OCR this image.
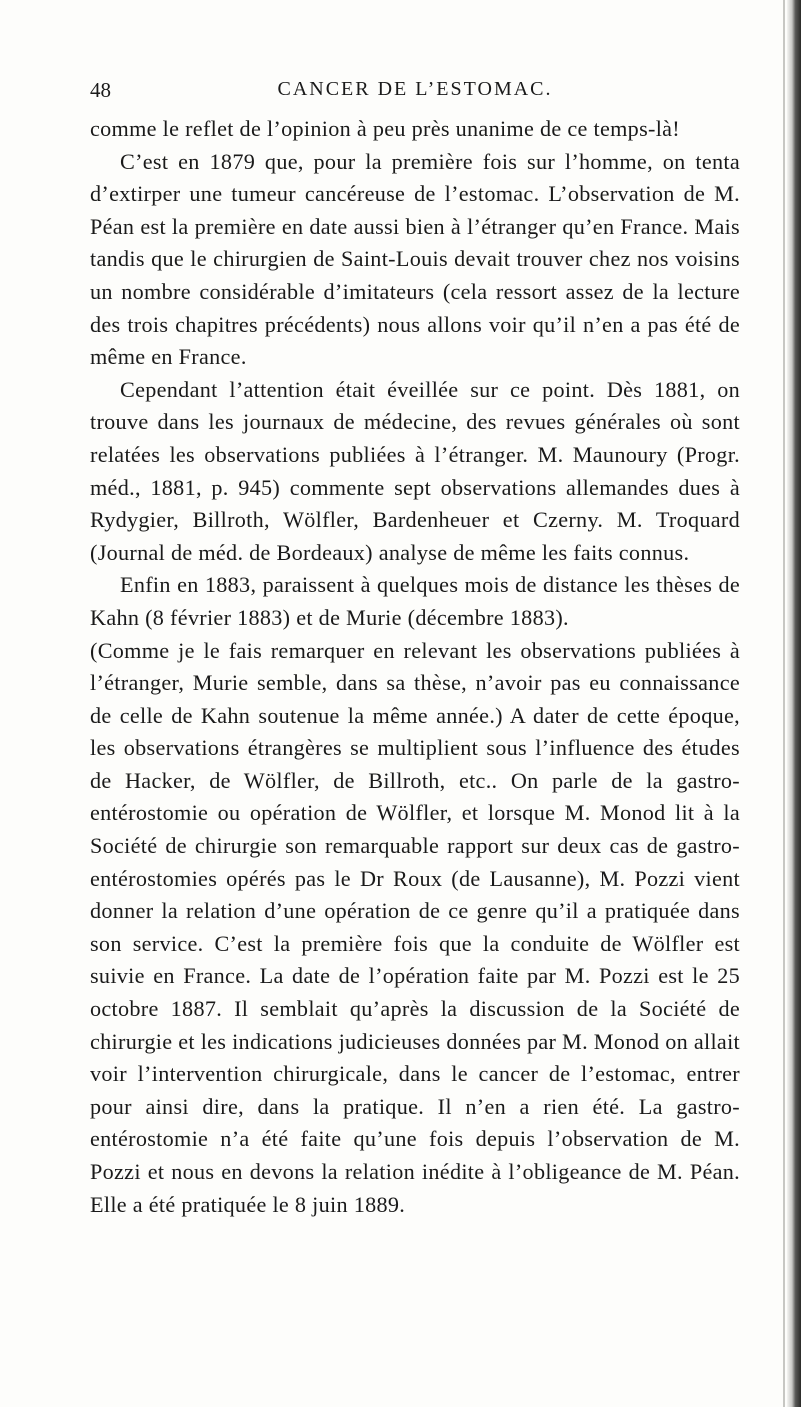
48	CANCER DE L’ESTOMAC.

comme le reflet de l’opinion à peu près unanime de ce temps-là!

C’est en 1879 que, pour la première fois sur l’homme, on tenta d’extirper une tumeur cancéreuse de l’estomac. L’observation de M. Péan est la première en date aussi bien à l’étranger qu’en France. Mais tandis que le chirurgien de Saint-Louis devait trouver chez nos voisins un nombre considérable d’imitateurs (cela ressort assez de la lecture des trois chapitres précédents) nous allons voir qu’il n’en a pas été de même en France.

Cependant l’attention était éveillée sur ce point. Dès 1881, on trouve dans les journaux de médecine, des revues générales où sont relatées les observations publiées à l’étranger. M. Maunoury (Progr. méd., 1881, p. 945) commente sept observations allemandes dues à Rydygier, Billroth, Wölfler, Bardenheuer et Czerny. M. Troquard (Journal de méd. de Bordeaux) analyse de même les faits connus.

Enfin en 1883, paraissent à quelques mois de distance les thèses de Kahn (8 février 1883) et de Murie (décembre 1883).

(Comme je le fais remarquer en relevant les observations publiées à l’étranger, Murie semble, dans sa thèse, n’avoir pas eu connaissance de celle de Kahn soutenue la même année.) A dater de cette époque, les observations étrangères se multiplient sous l’influence des études de Hacker, de Wölfler, de Billroth, etc.. On parle de la gastro-entérostomie ou opération de Wölfler, et lorsque M. Monod lit à la Société de chirurgie son remarquable rapport sur deux cas de gastro-entérostomies opérés pas le Dr Roux (de Lausanne), M. Pozzi vient donner la relation d’une opération de ce genre qu’il a pratiquée dans son service. C’est la première fois que la conduite de Wölfler est suivie en France. La date de l’opération faite par M. Pozzi est le 25 octobre 1887. Il semblait qu’après la discussion de la Société de chirurgie et les indications judicieuses données par M. Monod on allait voir l’intervention chirurgicale, dans le cancer de l’estomac, entrer pour ainsi dire, dans la pratique. Il n’en a rien été. La gastro-entérostomie n’a été faite qu’une fois depuis l’observation de M. Pozzi et nous en devons la relation inédite à l’obligeance de M. Péan. Elle a été pratiquée le 8 juin 1889.
